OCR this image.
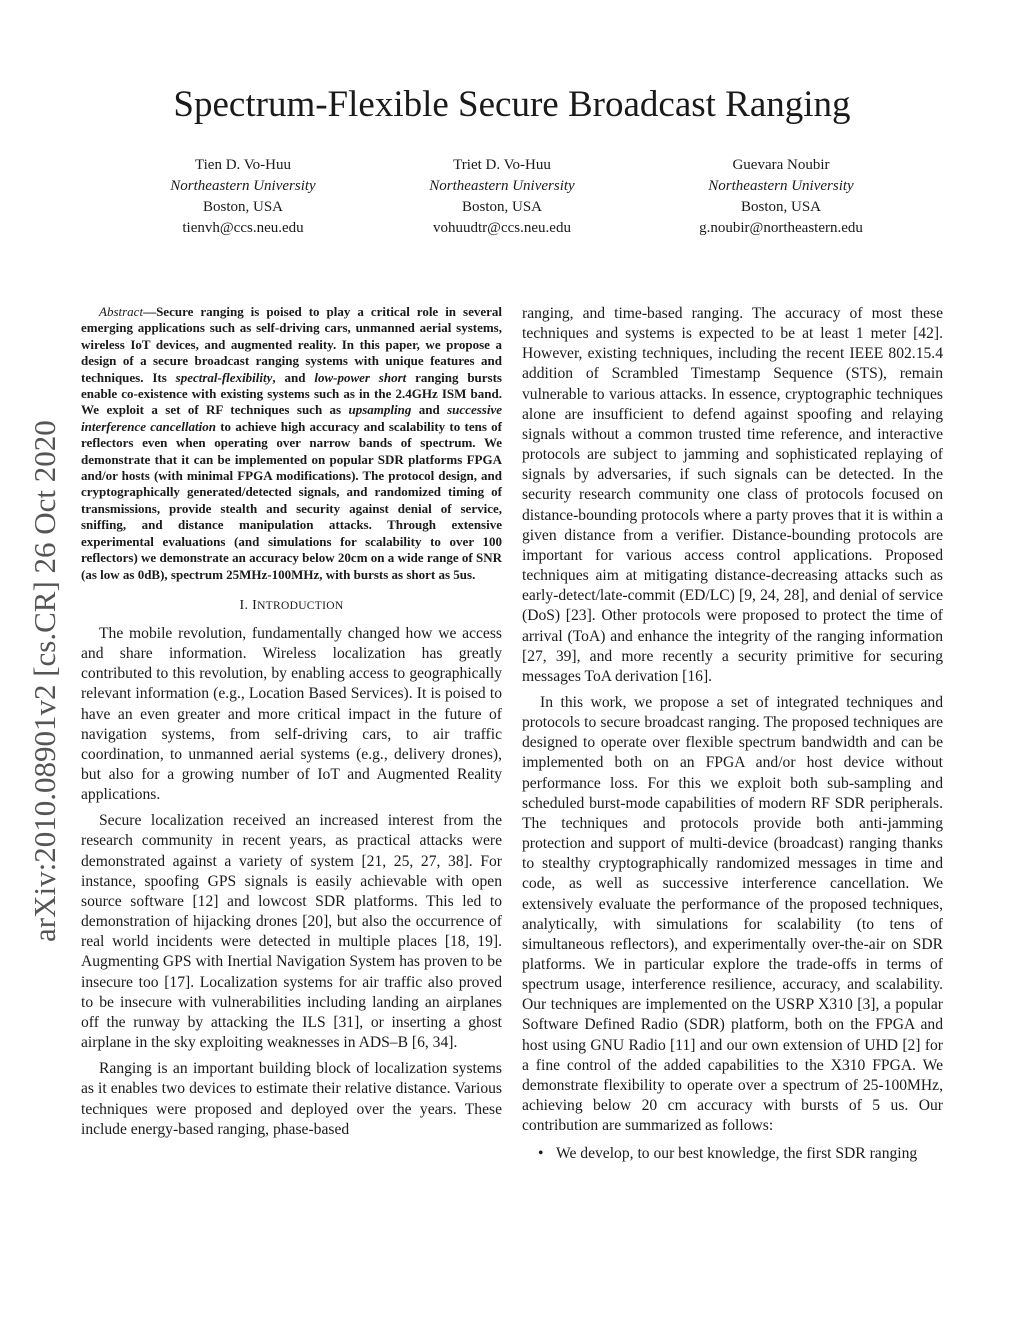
Spectrum-Flexible Secure Broadcast Ranging
Tien D. Vo-Huu
Northeastern University
Boston, USA
tienvh@ccs.neu.edu
Triet D. Vo-Huu
Northeastern University
Boston, USA
vohuudtr@ccs.neu.edu
Guevara Noubir
Northeastern University
Boston, USA
g.noubir@northeastern.edu
arXiv:2010.08901v2 [cs.CR] 26 Oct 2020

Abstract—Secure ranging is poised to play a critical role in several emerging applications such as self-driving cars, unmanned aerial systems, wireless IoT devices, and augmented reality. In this paper, we propose a design of a secure broadcast ranging systems with unique features and techniques. Its spectral-flexibility, and low-power short ranging bursts enable co-existence with existing systems such as in the 2.4GHz ISM band. We exploit a set of RF techniques such as upsampling and successive interference cancellation to achieve high accuracy and scalability to tens of reflectors even when operating over narrow bands of spectrum. We demonstrate that it can be implemented on popular SDR platforms FPGA and/or hosts (with minimal FPGA modifications). The protocol design, and cryptographically generated/detected signals, and randomized timing of transmissions, provide stealth and security against denial of service, sniffing, and distance manipulation attacks. Through extensive experimental evaluations (and simulations for scalability to over 100 reflectors) we demonstrate an accuracy below 20cm on a wide range of SNR (as low as 0dB), spectrum 25MHz-100MHz, with bursts as short as 5us.

I. INTRODUCTION

The mobile revolution, fundamentally changed how we access and share information. Wireless localization has greatly contributed to this revolution, by enabling access to geographically relevant information (e.g., Location Based Services). It is poised to have an even greater and more critical impact in the future of navigation systems, from self-driving cars, to air traffic coordination, to unmanned aerial systems (e.g., delivery drones), but also for a growing number of IoT and Augmented Reality applications.

Secure localization received an increased interest from the research community in recent years, as practical attacks were demonstrated against a variety of system [21, 25, 27, 38]. For instance, spoofing GPS signals is easily achievable with open source software [12] and lowcost SDR platforms. This led to demonstration of hijacking drones [20], but also the occurrence of real world incidents were detected in multiple places [18, 19]. Augmenting GPS with Inertial Navigation System has proven to be insecure too [17]. Localization systems for air traffic also proved to be insecure with vulnerabilities including landing an airplanes off the runway by attacking the ILS [31], or inserting a ghost airplane in the sky exploiting weaknesses in ADS–B [6, 34].

Ranging is an important building block of localization systems as it enables two devices to estimate their relative distance. Various techniques were proposed and deployed over the years. These include energy-based ranging, phase-based

ranging, and time-based ranging. The accuracy of most these techniques and systems is expected to be at least 1 meter [42]. However, existing techniques, including the recent IEEE 802.15.4 addition of Scrambled Timestamp Sequence (STS), remain vulnerable to various attacks. In essence, cryptographic techniques alone are insufficient to defend against spoofing and relaying signals without a common trusted time reference, and interactive protocols are subject to jamming and sophisticated replaying of signals by adversaries, if such signals can be detected. In the security research community one class of protocols focused on distance-bounding protocols where a party proves that it is within a given distance from a verifier. Distance-bounding protocols are important for various access control applications. Proposed techniques aim at mitigating distance-decreasing attacks such as early-detect/late-commit (ED/LC) [9, 24, 28], and denial of service (DoS) [23]. Other protocols were proposed to protect the time of arrival (ToA) and enhance the integrity of the ranging information [27, 39], and more recently a security primitive for securing messages ToA derivation [16].

In this work, we propose a set of integrated techniques and protocols to secure broadcast ranging. The proposed techniques are designed to operate over flexible spectrum bandwidth and can be implemented both on an FPGA and/or host device without performance loss. For this we exploit both sub-sampling and scheduled burst-mode capabilities of modern RF SDR peripherals. The techniques and protocols provide both anti-jamming protection and support of multi-device (broadcast) ranging thanks to stealthy cryptographically randomized messages in time and code, as well as successive interference cancellation. We extensively evaluate the performance of the proposed techniques, analytically, with simulations for scalability (to tens of simultaneous reflectors), and experimentally over-the-air on SDR platforms. We in particular explore the trade-offs in terms of spectrum usage, interference resilience, accuracy, and scalability. Our techniques are implemented on the USRP X310 [3], a popular Software Defined Radio (SDR) platform, both on the FPGA and host using GNU Radio [11] and our own extension of UHD [2] for a fine control of the added capabilities to the X310 FPGA. We demonstrate flexibility to operate over a spectrum of 25-100MHz, achieving below 20 cm accuracy with bursts of 5 us. Our contribution are summarized as follows:

• We develop, to our best knowledge, the first SDR ranging
